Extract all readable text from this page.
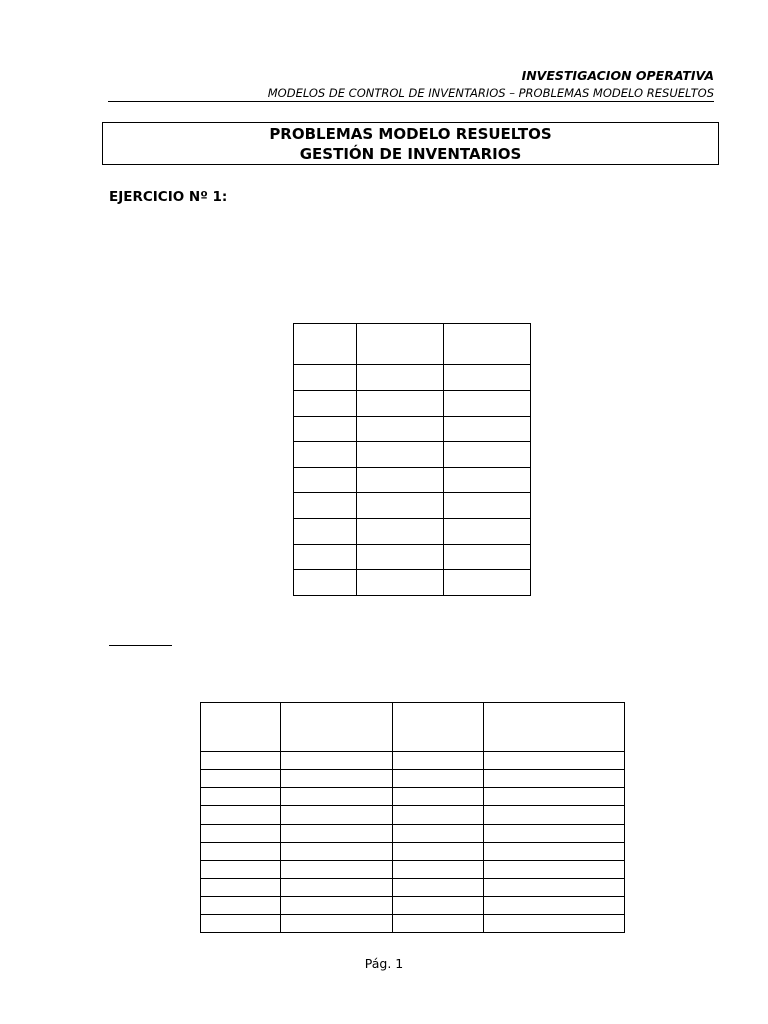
INVESTIGACION OPERATIVA
MODELOS DE CONTROL DE INVENTARIOS – PROBLEMAS MODELO RESUELTOS
PROBLEMAS MODELO RESUELTOS
GESTIÓN DE INVENTARIOS
EJERCICIO Nº 1:

Pág. 1
